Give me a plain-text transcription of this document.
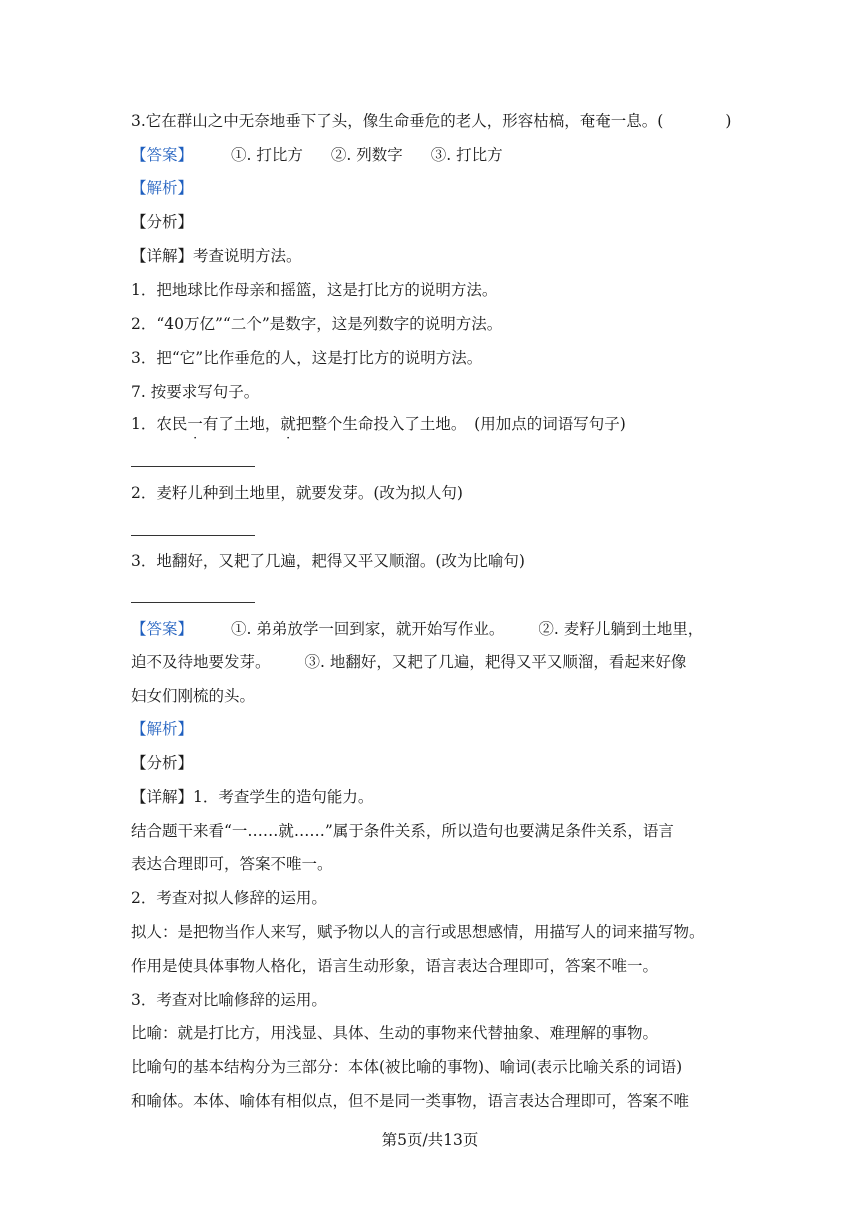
3.它在群山之中无奈地垂下了头，像生命垂危的老人，形容枯槁，奄奄一息。(　　　　)
【答案】 ①. 打比方 ②. 列数字 ③. 打比方
【解析】
【分析】
【详解】考查说明方法。
1．把地球比作母亲和摇篮，这是打比方的说明方法。
2．“40万亿”“二个”是数字，这是列数字的说明方法。
3．把“它”比作垂危的人，这是打比方的说明方法。
7. 按要求写句子。
1．农民一有了土地，就把整个生命投入了土地。　(用加点的词语写句子)
2．麦籽儿种到土地里，就要发芽。(改为拟人句)
3．地翻好，又耙了几遍，耙得又平又顺溜。(改为比喻句)
【答案】 ①. 弟弟放学一回到家，就开始写作业。 ②. 麦籽儿躺到土地里，
迫不及待地要发芽。 ③. 地翻好，又耙了几遍，耙得又平又顺溜，看起来好像
妇女们刚梳的头。
【解析】
【分析】
【详解】1．考查学生的造句能力。
结合题干来看“一……就……”属于条件关系，所以造句也要满足条件关系，语言
表达合理即可，答案不唯一。
2．考查对拟人修辞的运用。
拟人：是把物当作人来写，赋予物以人的言行或思想感情，用描写人的词来描写物。
作用是使具体事物人格化，语言生动形象，语言表达合理即可，答案不唯一。
3．考查对比喻修辞的运用。
比喻：就是打比方，用浅显、具体、生动的事物来代替抽象、难理解的事物。
比喻句的基本结构分为三部分：本体(被比喻的事物)、喻词(表示比喻关系的词语)
和喻体。本体、喻体有相似点，但不是同一类事物，语言表达合理即可，答案不唯
第5页/共13页
